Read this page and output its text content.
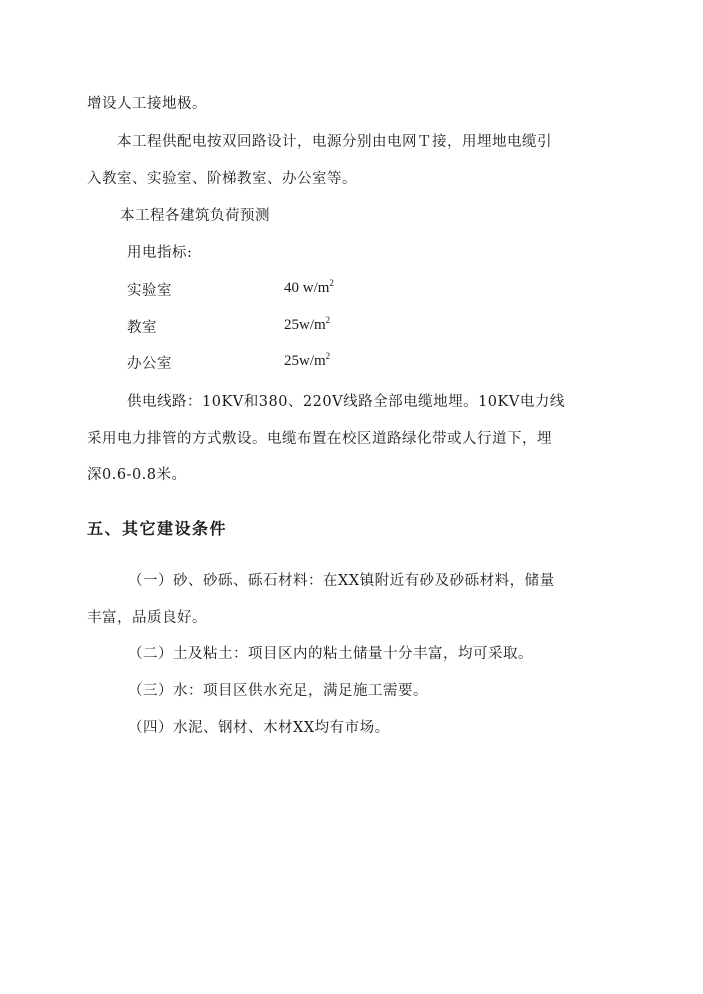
增设人工接地极。
本工程供配电按双回路设计，电源分别由电网Ｔ接，用埋地电缆引
入教室、实验室、阶梯教室、办公室等。
本工程各建筑负荷预测
用电指标:
实验室	40 $w/m^2$
教室	$25w/m^2$
办公室	$25w/m^2$
供电线路：10KV和380、220V线路全部电缆地埋。10KV电力线
采用电力排管的方式敷设。电缆布置在校区道路绿化带或人行道下，埋
深0.6-0.8米。
五、其它建设条件
（一）砂、砂砾、砾石材料：在XX镇附近有砂及砂砾材料，储量
丰富，品质良好。
（二）土及粘土：项目区内的粘土储量十分丰富，均可采取。
（三）水：项目区供水充足，满足施工需要。
（四）水泥、钢材、木材XX均有市场。
